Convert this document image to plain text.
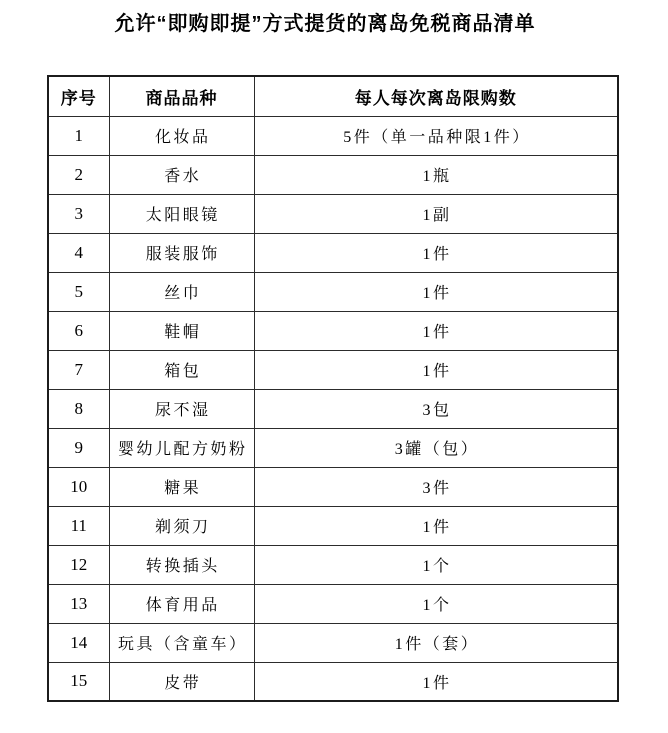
允许“即购即提”方式提货的离岛免税商品清单
序号	商品品种	每人每次离岛限购数
1	化妆品	5件（单一品种限1件）
2	香水	1瓶
3	太阳眼镜	1副
4	服装服饰	1件
5	丝巾	1件
6	鞋帽	1件
7	箱包	1件
8	尿不湿	3包
9	婴幼儿配方奶粉	3罐（包）
10	糖果	3件
11	剃须刀	1件
12	转换插头	1个
13	体育用品	1个
14	玩具（含童车）	1件（套）
15	皮带	1件
